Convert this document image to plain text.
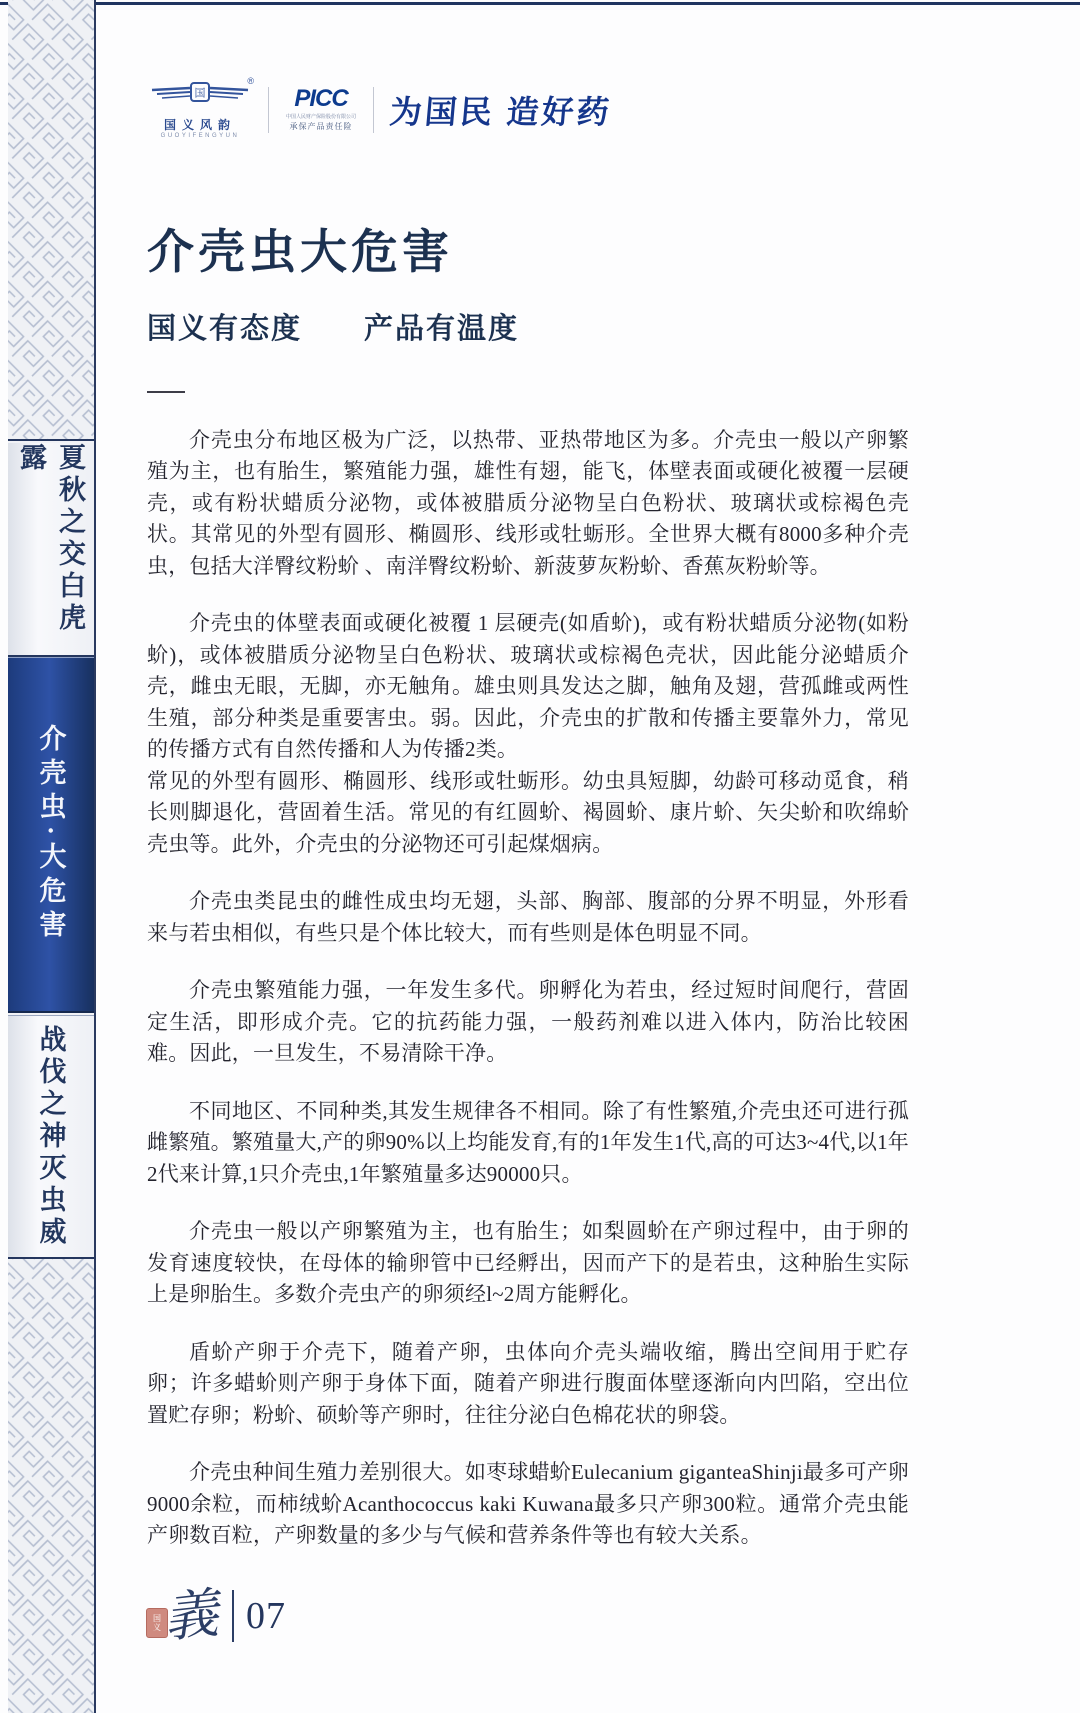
夏秋之交白虎露
介壳虫·大危害
战伐之神灭虫威
®
国
国义风韵
GUOYIFENGYUN
PICC
中国人民财产保险股份有限公司
承保产品责任险 为国民 造好药
介壳虫大危害
国义有态度 产品有温度

介壳虫分布地区极为广泛，以热带、亚热带地区为多。介壳虫一般以产卵繁殖为主，也有胎生，繁殖能力强，雄性有翅，能飞，体壁表面或硬化被覆一层硬壳，或有粉状蜡质分泌物，或体被腊质分泌物呈白色粉状、玻璃状或棕褐色壳状。其常见的外型有圆形、椭圆形、线形或牡蛎形。全世界大概有8000多种介壳虫，包括大洋臀纹粉蚧 、南洋臀纹粉蚧、新菠萝灰粉蚧、香蕉灰粉蚧等。

介壳虫的体壁表面或硬化被覆 1 层硬壳(如盾蚧)，或有粉状蜡质分泌物(如粉蚧)，或体被腊质分泌物呈白色粉状、玻璃状或棕褐色壳状，因此能分泌蜡质介壳，雌虫无眼，无脚，亦无触角。雄虫则具发达之脚，触角及翅，营孤雌或两性生殖，部分种类是重要害虫。弱。因此，介壳虫的扩散和传播主要靠外力，常见的传播方式有自然传播和人为传播2类。

常见的外型有圆形、椭圆形、线形或牡蛎形。幼虫具短脚，幼龄可移动觅食，稍长则脚退化，营固着生活。常见的有红圆蚧、褐圆蚧、康片蚧、矢尖蚧和吹绵蚧壳虫等。此外，介壳虫的分泌物还可引起煤烟病。

介壳虫类昆虫的雌性成虫均无翅，头部、胸部、腹部的分界不明显，外形看来与若虫相似，有些只是个体比较大，而有些则是体色明显不同。

介壳虫繁殖能力强，一年发生多代。卵孵化为若虫，经过短时间爬行，营固定生活，即形成介壳。它的抗药能力强，一般药剂难以进入体内，防治比较困难。因此，一旦发生，不易清除干净。

不同地区、不同种类,其发生规律各不相同。除了有性繁殖,介壳虫还可进行孤雌繁殖。繁殖量大,产的卵90%以上均能发育,有的1年发生1代,高的可达3~4代,以1年2代来计算,1只介壳虫,1年繁殖量多达90000只。

介壳虫一般以产卵繁殖为主，也有胎生；如梨圆蚧在产卵过程中，由于卵的发育速度较快，在母体的输卵管中已经孵出，因而产下的是若虫，这种胎生实际上是卵胎生。多数介壳虫产的卵须经l~2周方能孵化。

盾蚧产卵于介壳下，随着产卵，虫体向介壳头端收缩，腾出空间用于贮存卵；许多蜡蚧则产卵于身体下面，随着产卵进行腹面体壁逐渐向内凹陷，空出位置贮存卵；粉蚧、硕蚧等产卵时，往往分泌白色棉花状的卵袋。

介壳虫种间生殖力差别很大。如枣球蜡蚧Eulecanium giganteaShinji最多可产卵9000余粒，而柿绒蚧Acanthococcus kaki Kuwana最多只产卵300粒。通常介壳虫能产卵数百粒，产卵数量的多少与气候和营养条件等也有较大关系。

国义 義 07
